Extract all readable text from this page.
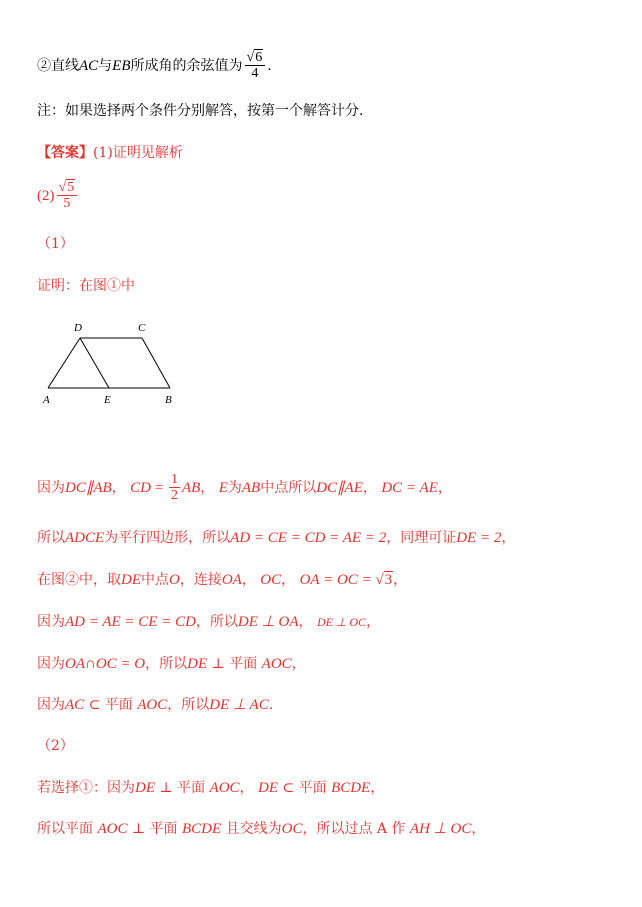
②直线AC与EB所成角的余弦值为 $\frac{√6}{4}$ .
注：如果选择两个条件分别解答，按第一个解答计分.
【答案】(1)证明见解析
$(2) \frac{√5}{5}$
（1）
证明：在图①中
D	C
A	E	B
因为DC∥AB， CD = $\frac{1}{2}$ AB， E为AB中点所以DC∥AE， DC = AE，
所以ADCE为平行四边形，所以AD = CE = CD = AE = 2，同理可证DE = 2，
在图②中，取DE中点O，连接OA， OC， OA = OC = √3，
因为AD = AE = CE = CD，所以DE ⊥ OA， DE ⊥ OC，
因为OA∩OC = O，所以DE ⊥ 平面 AOC，
因为AC ⊂ 平面 AOC，所以DE ⊥ AC.
（2）
若选择①：因为DE ⊥ 平面 AOC， DE ⊂ 平面 BCDE，
所以平面 AOC ⊥ 平面 BCDE 且交线为OC，所以过点 A 作 AH ⊥ OC，
